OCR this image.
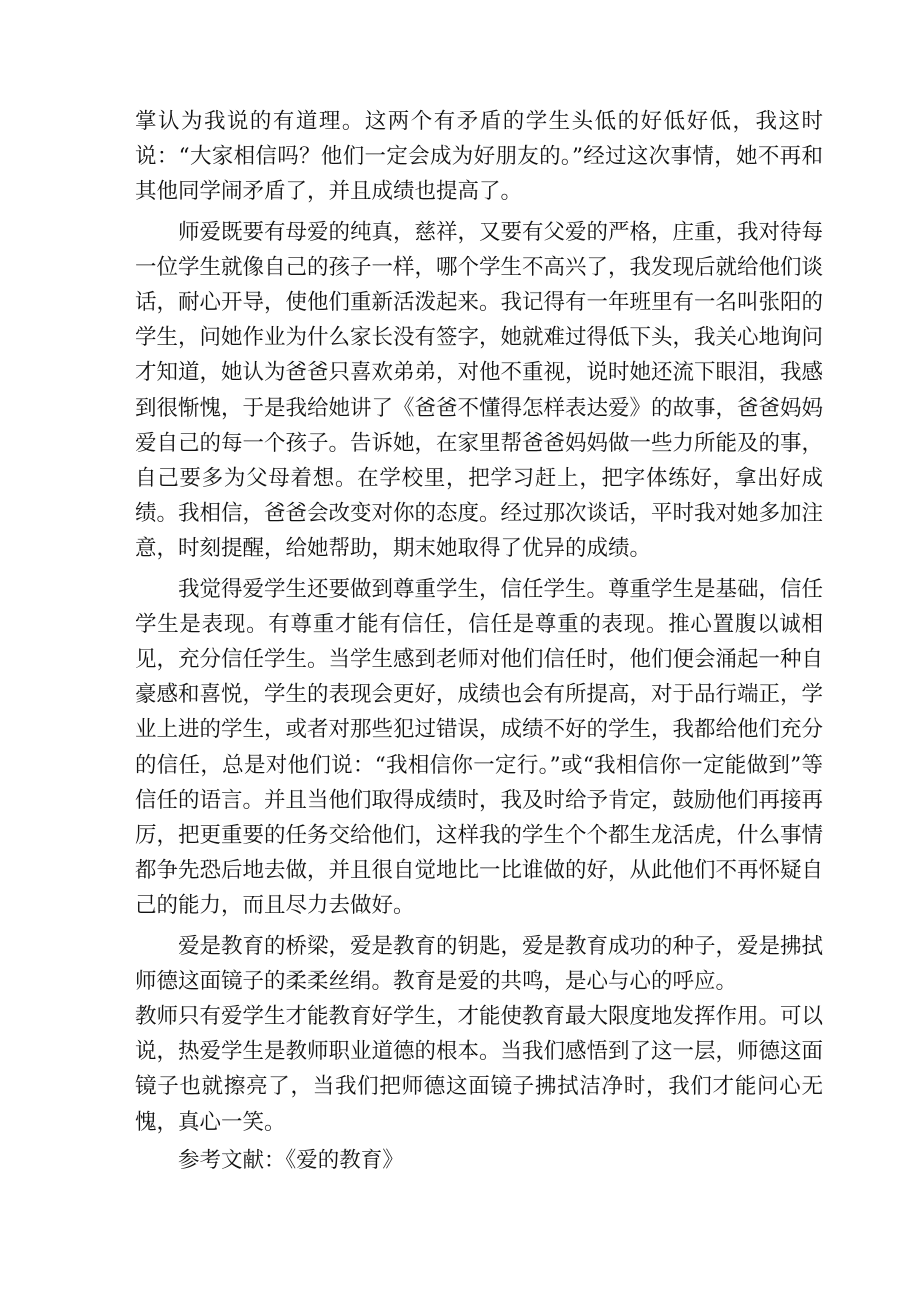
掌认为我说的有道理。这两个有矛盾的学生头低的好低好低，我这时说：“大家相信吗？他们一定会成为好朋友的。”经过这次事情，她不再和其他同学闹矛盾了，并且成绩也提高了。

师爱既要有母爱的纯真，慈祥，又要有父爱的严格，庄重，我对待每一位学生就像自己的孩子一样，哪个学生不高兴了，我发现后就给他们谈话，耐心开导，使他们重新活泼起来。我记得有一年班里有一名叫张阳的学生，问她作业为什么家长没有签字，她就难过得低下头，我关心地询问才知道，她认为爸爸只喜欢弟弟，对他不重视，说时她还流下眼泪，我感到很惭愧，于是我给她讲了《爸爸不懂得怎样表达爱》的故事，爸爸妈妈爱自己的每一个孩子。告诉她，在家里帮爸爸妈妈做一些力所能及的事，自己要多为父母着想。在学校里，把学习赶上，把字体练好，拿出好成绩。我相信，爸爸会改变对你的态度。经过那次谈话，平时我对她多加注意，时刻提醒，给她帮助，期末她取得了优异的成绩。

我觉得爱学生还要做到尊重学生，信任学生。尊重学生是基础，信任学生是表现。有尊重才能有信任，信任是尊重的表现。推心置腹以诚相见，充分信任学生。当学生感到老师对他们信任时，他们便会涌起一种自豪感和喜悦，学生的表现会更好，成绩也会有所提高，对于品行端正，学业上进的学生，或者对那些犯过错误，成绩不好的学生，我都给他们充分的信任，总是对他们说：“我相信你一定行。”或“我相信你一定能做到”等信任的语言。并且当他们取得成绩时，我及时给予肯定，鼓励他们再接再厉，把更重要的任务交给他们，这样我的学生个个都生龙活虎，什么事情都争先恐后地去做，并且很自觉地比一比谁做的好，从此他们不再怀疑自己的能力，而且尽力去做好。

爱是教育的桥梁，爱是教育的钥匙，爱是教育成功的种子，爱是拂拭师德这面镜子的柔柔丝绢。教育是爱的共鸣，是心与心的呼应。

教师只有爱学生才能教育好学生，才能使教育最大限度地发挥作用。可以说，热爱学生是教师职业道德的根本。当我们感悟到了这一层，师德这面镜子也就擦亮了，当我们把师德这面镜子拂拭洁净时，我们才能问心无愧，真心一笑。

参考文献：《爱的教育》
